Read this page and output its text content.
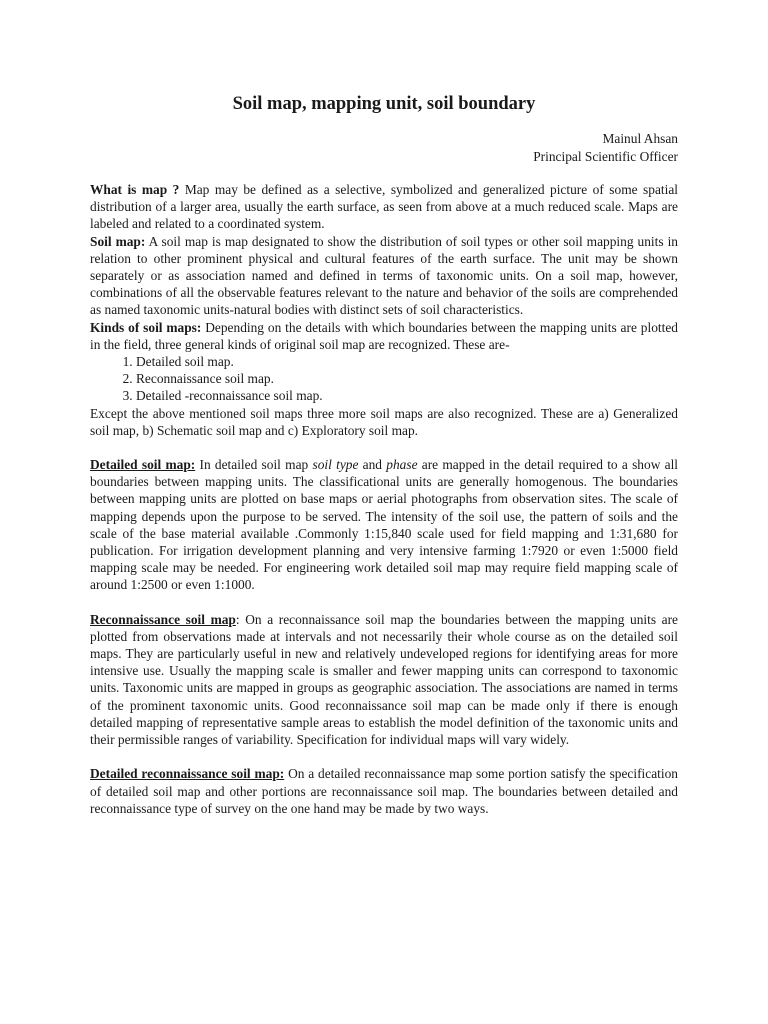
Soil map, mapping unit, soil boundary

Mainul Ahsan

Principal Scientific Officer

What is map ? Map may be defined as a selective, symbolized and generalized picture of some spatial distribution of a larger area, usually the earth surface, as seen from above at a much reduced scale. Maps are labeled and related to a coordinated system.

Soil map: A soil map is map designated to show the distribution of soil types or other soil mapping units in relation to other prominent physical and cultural features of the earth surface. The unit may be shown separately or as association named and defined in terms of taxonomic units. On a soil map, however, combinations of all the observable features relevant to the nature and behavior of the soils are comprehended as named taxonomic units-natural bodies with distinct sets of soil characteristics.

Kinds of soil maps: Depending on the details with which boundaries between the mapping units are plotted in the field, three general kinds of original soil map are recognized. These are-

1. Detailed soil map.
2. Reconnaissance soil map.
3. Detailed -reconnaissance soil map.

Except the above mentioned soil maps three more soil maps are also recognized. These are a) Generalized soil map, b) Schematic soil map and c) Exploratory soil map.

Detailed soil map: In detailed soil map soil type and phase are mapped in the detail required to a show all boundaries between mapping units. The classificational units are generally homogenous. The boundaries between mapping units are plotted on base maps or aerial photographs from observation sites. The scale of mapping depends upon the purpose to be served. The intensity of the soil use, the pattern of soils and the scale of the base material available .Commonly 1:15,840 scale used for field mapping and 1:31,680 for publication. For irrigation development planning and very intensive farming 1:7920 or even 1:5000 field mapping scale may be needed. For engineering work detailed soil map may require field mapping scale of around 1:2500 or even 1:1000.

Reconnaissance soil map: On a reconnaissance soil map the boundaries between the mapping units are plotted from observations made at intervals and not necessarily their whole course as on the detailed soil maps. They are particularly useful in new and relatively undeveloped regions for identifying areas for more intensive use. Usually the mapping scale is smaller and fewer mapping units can correspond to taxonomic units. Taxonomic units are mapped in groups as geographic association. The associations are named in terms of the prominent taxonomic units. Good reconnaissance soil map can be made only if there is enough detailed mapping of representative sample areas to establish the model definition of the taxonomic units and their permissible ranges of variability. Specification for individual maps will vary widely.

Detailed reconnaissance soil map: On a detailed reconnaissance map some portion satisfy the specification of detailed soil map and other portions are reconnaissance soil map. The boundaries between detailed and reconnaissance type of survey on the one hand may be made by two ways.
